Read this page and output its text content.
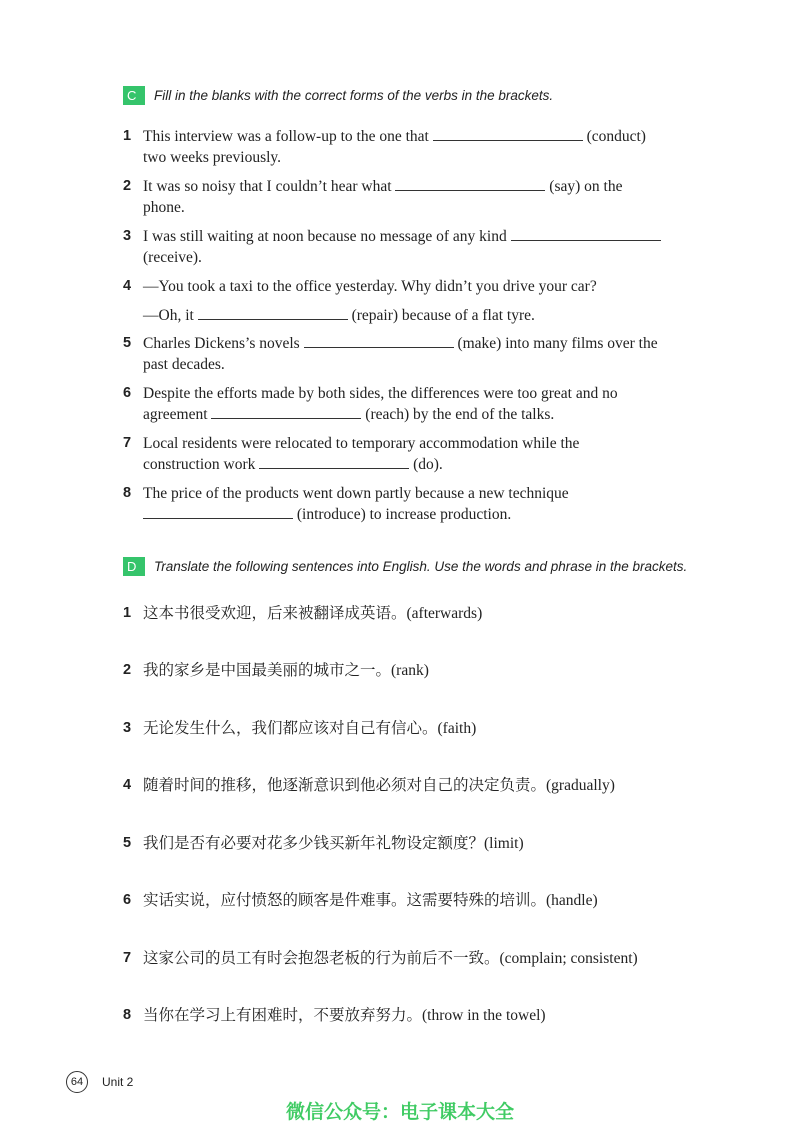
C	Fill in the blanks with the correct forms of the verbs in the brackets.
1 This interview was a follow-up to the one that	(conduct)
two weeks previously.
2 It was so noisy that I couldn’t hear what	(say) on the
phone.
3 I was still waiting at noon because no message of any kind
(receive).
4 —You took a taxi to the office yesterday. Why didn’t you drive your car?
—Oh, it	(repair) because of a flat tyre.
5 Charles Dickens’s novels	(make) into many films over the
past decades.
6 Despite the efforts made by both sides, the differences were too great and no
agreement	(reach) by the end of the talks.
7 Local residents were relocated to temporary accommodation while the
construction work	(do).
8 The price of the products went down partly because a new technique
(introduce) to increase production.
D	Translate the following sentences into English. Use the words and phrase in the brackets.
1 这本书很受欢迎，后来被翻译成英语。(afterwards)
2 我的家乡是中国最美丽的城市之一。(rank)
3 无论发生什么，我们都应该对自己有信心。(faith)
4 随着时间的推移，他逐渐意识到他必须对自己的决定负责。(gradually)
5 我们是否有必要对花多少钱买新年礼物设定额度？(limit)
6 实话实说，应付愤怒的顾客是件难事。这需要特殊的培训。(handle)
7 这家公司的员工有时会抱怨老板的行为前后不一致。(complain; consistent)
8 当你在学习上有困难时，不要放弃努力。(throw in the towel)
64	Unit 2
微信公众号：电子课本大全
